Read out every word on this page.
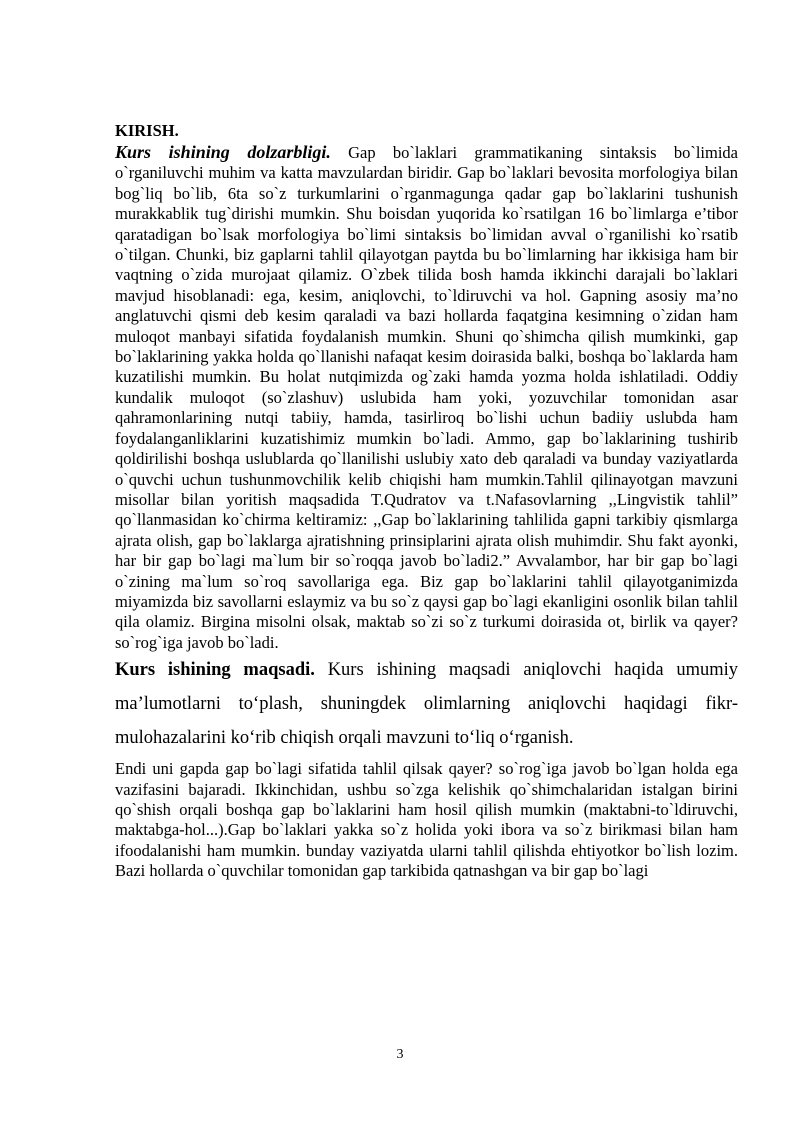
KIRISH.

Kurs ishining dolzarbligi. Gap bo`laklari grammatikaning sintaksis bo`limida o`rganiluvchi muhim va katta mavzulardan biridir. Gap bo`laklari bevosita morfologiya bilan bog`liq bo`lib, 6ta so`z turkumlarini o`rganmagunga qadar gap bo`laklarini tushunish murakkablik tug`dirishi mumkin. Shu boisdan yuqorida ko`rsatilgan 16 bo`limlarga e’tibor qaratadigan bo`lsak morfologiya bo`limi sintaksis bo`limidan avval o`rganilishi ko`rsatib o`tilgan. Chunki, biz gaplarni tahlil qilayotgan paytda bu bo`limlarning har ikkisiga ham bir vaqtning o`zida murojaat qilamiz. O`zbek tilida bosh hamda ikkinchi darajali bo`laklari mavjud hisoblanadi: ega, kesim, aniqlovchi, to`ldiruvchi va hol. Gapning asosiy ma’no anglatuvchi qismi deb kesim qaraladi va bazi hollarda faqatgina kesimning o`zidan ham muloqot manbayi sifatida foydalanish mumkin. Shuni qo`shimcha qilish mumkinki, gap bo`laklarining yakka holda qo`llanishi nafaqat kesim doirasida balki, boshqa bo`laklarda ham kuzatilishi mumkin. Bu holat nutqimizda og`zaki hamda yozma holda ishlatiladi. Oddiy kundalik muloqot (so`zlashuv) uslubida ham yoki, yozuvchilar tomonidan asar qahramonlarining nutqi tabiiy, hamda, tasirliroq bo`lishi uchun badiiy uslubda ham foydalanganliklarini kuzatishimiz mumkin bo`ladi. Ammo, gap bo`laklarining tushirib qoldirilishi boshqa uslublarda qo`llanilishi uslubiy xato deb qaraladi va bunday vaziyatlarda o`quvchi uchun tushunmovchilik kelib chiqishi ham mumkin.Tahlil qilinayotgan mavzuni misollar bilan yoritish maqsadida T.Qudratov va t.Nafasovlarning ,,Lingvistik tahlil” qo`llanmasidan ko`chirma keltiramiz: ,,Gap bo`laklarining tahlilida gapni tarkibiy qismlarga ajrata olish, gap bo`laklarga ajratishning prinsiplarini ajrata olish muhimdir. Shu fakt ayonki, har bir gap bo`lagi ma`lum bir so`roqqa javob bo`ladi2.” Avvalambor, har bir gap bo`lagi o`zining ma`lum so`roq savollariga ega. Biz gap bo`laklarini tahlil qilayotganimizda miyamizda biz savollarni eslaymiz va bu so`z qaysi gap bo`lagi ekanligini osonlik bilan tahlil qila olamiz. Birgina misolni olsak, maktab so`zi so`z turkumi doirasida ot, birlik va qayer? so`rog`iga javob bo`ladi.

Kurs ishining maqsadi. Kurs ishining maqsadi aniqlovchi haqida umumiy ma’lumotlarni to‘plash, shuningdek olimlarning aniqlovchi haqidagi fikr-mulohazalarini ko‘rib chiqish orqali mavzuni to‘liq o‘rganish.

Endi uni gapda gap bo`lagi sifatida tahlil qilsak qayer? so`rog`iga javob bo`lgan holda ega vazifasini bajaradi. Ikkinchidan, ushbu so`zga kelishik qo`shimchalaridan istalgan birini qo`shish orqali boshqa gap bo`laklarini ham hosil qilish mumkin (maktabni-to`ldiruvchi, maktabga-hol...).Gap bo`laklari yakka so`z holida yoki ibora va so`z birikmasi bilan ham ifoodalanishi ham mumkin. bunday vaziyatda ularni tahlil qilishda ehtiyotkor bo`lish lozim. Bazi hollarda o`quvchilar tomonidan gap tarkibida qatnashgan va bir gap bo`lagi

3
